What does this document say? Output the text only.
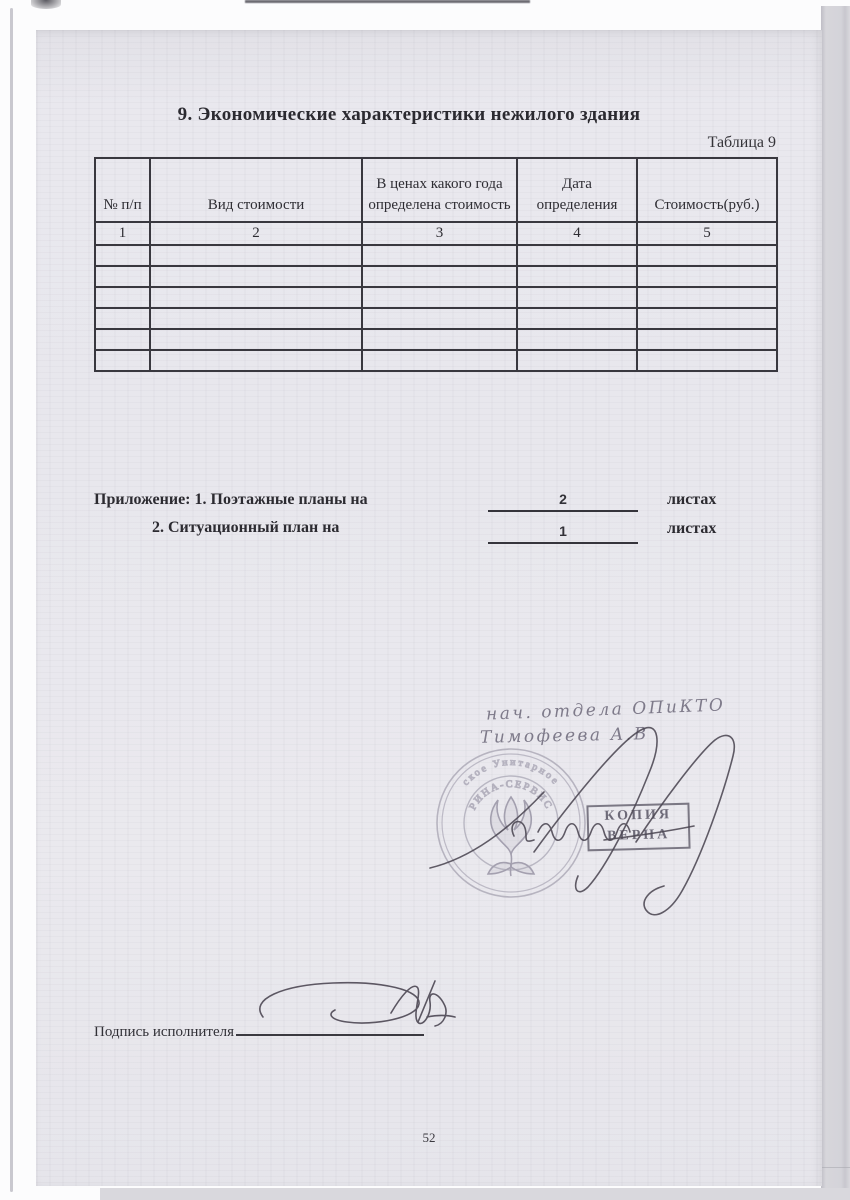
9. Экономические характеристики нежилого здания
Таблица 9
№ п/п	Вид стоимости	В ценах какого года определена стоимость	Дата определения	Стоимость(руб.)
1	2	3	4	5

Приложение: 1. Поэтажные планы на	2	листах
2. Ситуационный план на	1	листах
нач. отдела ОПиКТО
Тимофеева А.В
ское Унитарное
РИНА-СЕРВИС
КОПИЯ
ВЕРНА
Подпись исполнителя
52
